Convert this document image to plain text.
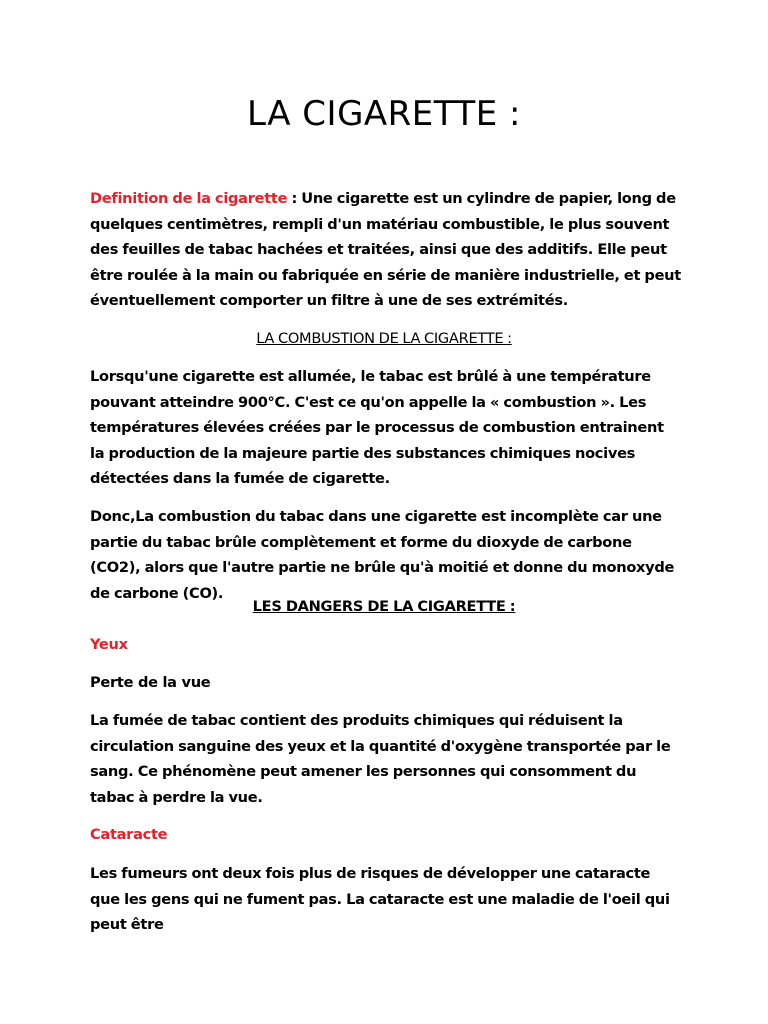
LA CIGARETTE :

Definition de la cigarette : Une cigarette est un cylindre de papier, long de quelques centimètres, rempli d'un matériau combustible, le plus souvent des feuilles de tabac hachées et traitées, ainsi que des additifs. Elle peut être roulée à la main ou fabriquée en série de manière industrielle, et peut éventuellement comporter un filtre à une de ses extrémités.

LA COMBUSTION DE LA CIGARETTE :

Lorsqu'une cigarette est allumée, le tabac est brûlé à une température pouvant atteindre 900°C. C'est ce qu'on appelle la « combustion ». Les températures élevées créées par le processus de combustion entrainent la production de la majeure partie des substances chimiques nocives détectées dans la fumée de cigarette.

Donc,La combustion du tabac dans une cigarette est incomplète car une partie du tabac brûle complètement et forme du dioxyde de carbone (CO2), alors que l'autre partie ne brûle qu'à moitié et donne du monoxyde de carbone (CO).

LES DANGERS DE LA CIGARETTE :

Yeux

Perte de la vue

La fumée de tabac contient des produits chimiques qui réduisent la circulation sanguine des yeux et la quantité d'oxygène transportée par le sang. Ce phénomène peut amener les personnes qui consomment du tabac à perdre la vue.

Cataracte

Les fumeurs ont deux fois plus de risques de développer une cataracte que les gens qui ne fument pas. La cataracte est une maladie de l'oeil qui peut être
